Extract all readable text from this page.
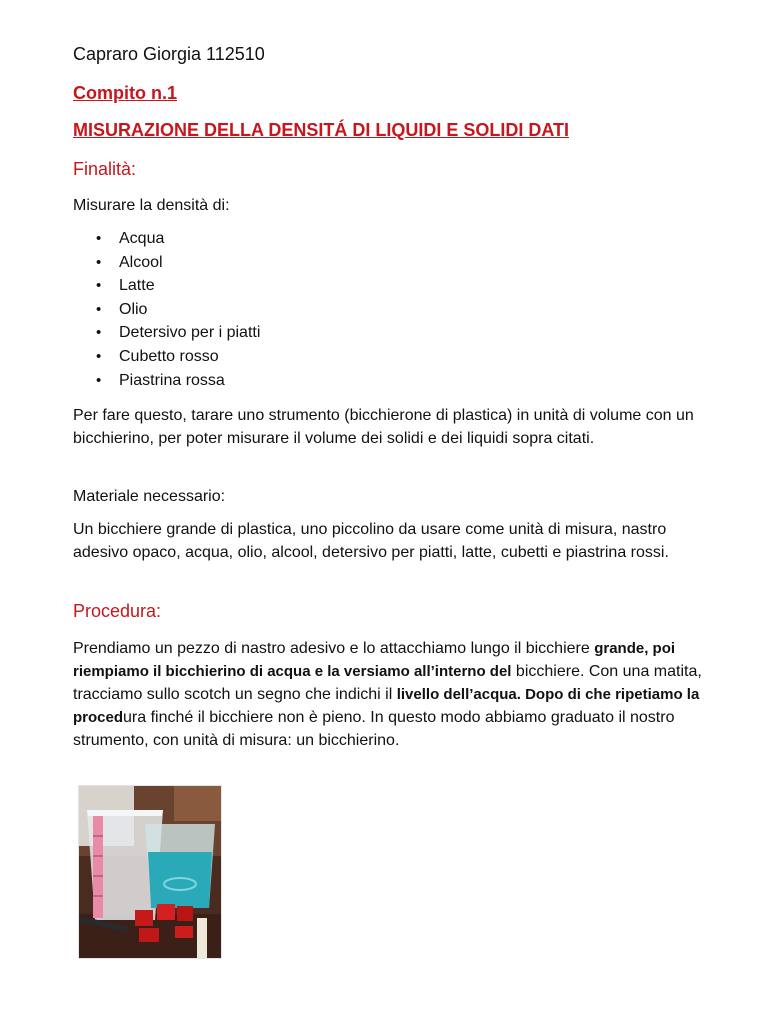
Capraro Giorgia 112510

Compito n.1

MISURAZIONE DELLA DENSITÁ DI LIQUIDI E SOLIDI DATI

Finalità:

Misurare la densità di:

• Acqua
• Alcool
• Latte
• Olio
• Detersivo per i piatti
• Cubetto rosso
• Piastrina rossa

Per fare questo, tarare uno strumento (bicchierone di plastica) in unità di volume con un bicchierino, per poter misurare il volume dei solidi e dei liquidi sopra citati.

Materiale necessario:

Un bicchiere grande di plastica, uno piccolino da usare come unità di misura, nastro adesivo opaco, acqua, olio, alcool, detersivo per piatti, latte, cubetti e piastrina rossi.

Procedura:

Prendiamo un pezzo di nastro adesivo e lo attacchiamo lungo il bicchiere grande, poi riempiamo il bicchierino di acqua e la versiamo all’interno del bicchiere. Con una matita, tracciamo sullo scotch un segno che indichi il livello dell’acqua. Dopo di che ripetiamo la procedura finché il bicchiere non è pieno. In questo modo abbiamo graduato il nostro strumento, con unità di misura: un bicchierino.
